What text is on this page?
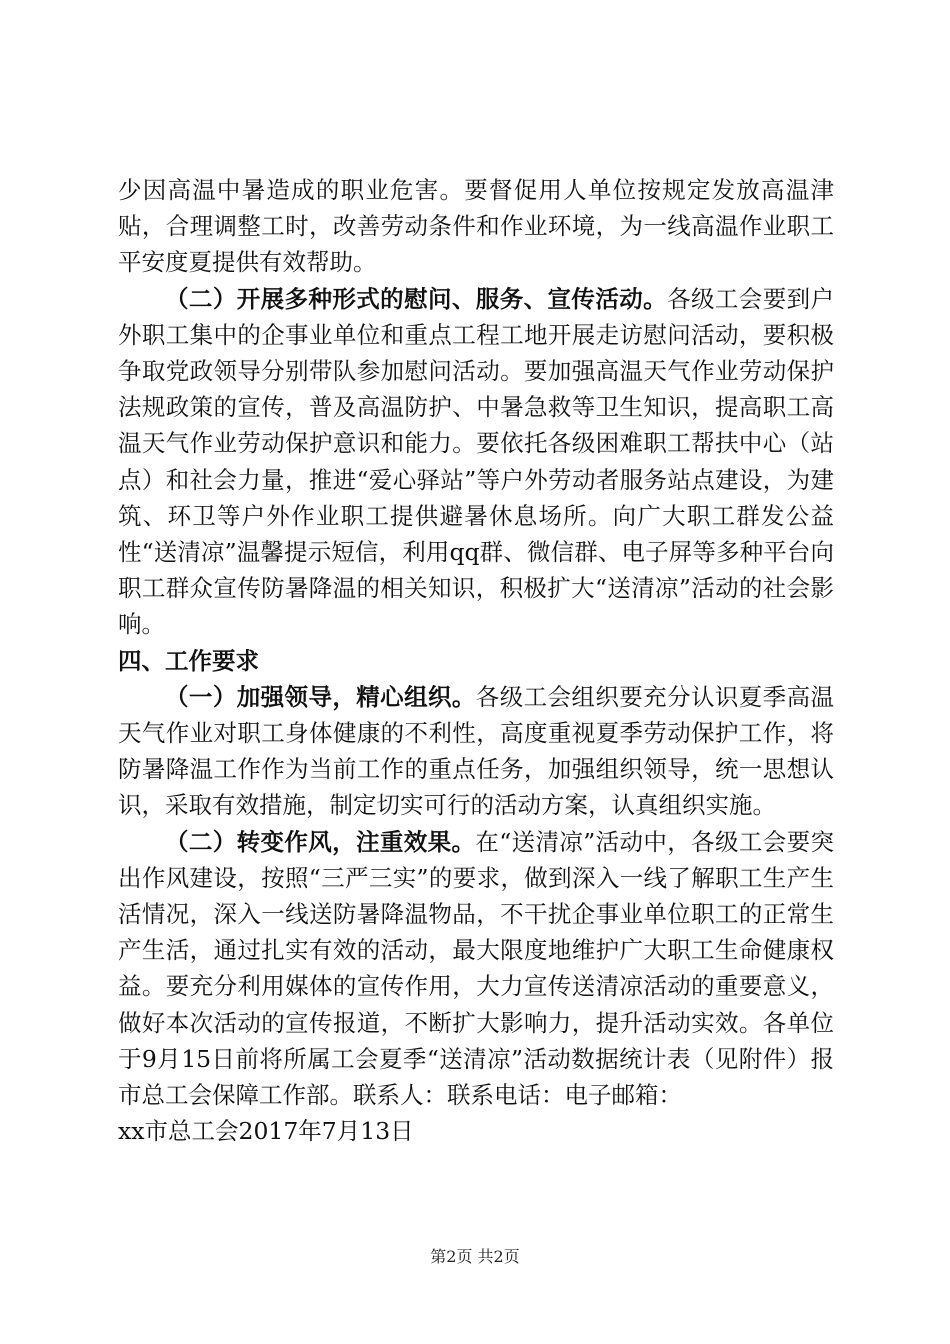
少因高温中暑造成的职业危害。要督促用人单位按规定发放高温津贴，合理调整工时，改善劳动条件和作业环境，为一线高温作业职工平安度夏提供有效帮助。

（二）开展多种形式的慰问、服务、宣传活动。各级工会要到户外职工集中的企事业单位和重点工程工地开展走访慰问活动，要积极争取党政领导分别带队参加慰问活动。要加强高温天气作业劳动保护法规政策的宣传，普及高温防护、中暑急救等卫生知识，提高职工高温天气作业劳动保护意识和能力。要依托各级困难职工帮扶中心（站点）和社会力量，推进“爱心驿站”等户外劳动者服务站点建设，为建筑、环卫等户外作业职工提供避暑休息场所。向广大职工群发公益性“送清凉”温馨提示短信，利用qq群、微信群、电子屏等多种平台向职工群众宣传防暑降温的相关知识，积极扩大“送清凉”活动的社会影响。

四、工作要求

（一）加强领导，精心组织。各级工会组织要充分认识夏季高温天气作业对职工身体健康的不利性，高度重视夏季劳动保护工作，将防暑降温工作作为当前工作的重点任务，加强组织领导，统一思想认识，采取有效措施，制定切实可行的活动方案，认真组织实施。

（二）转变作风，注重效果。在“送清凉”活动中，各级工会要突出作风建设，按照“三严三实”的要求，做到深入一线了解职工生产生活情况，深入一线送防暑降温物品，不干扰企事业单位职工的正常生产生活，通过扎实有效的活动，最大限度地维护广大职工生命健康权益。要充分利用媒体的宣传作用，大力宣传送清凉活动的重要意义，做好本次活动的宣传报道，不断扩大影响力，提升活动实效。各单位于9月15日前将所属工会夏季“送清凉”活动数据统计表（见附件）报市总工会保障工作部。联系人：联系电话：电子邮箱：

xx市总工会2017年7月13日

第2页 共2页
